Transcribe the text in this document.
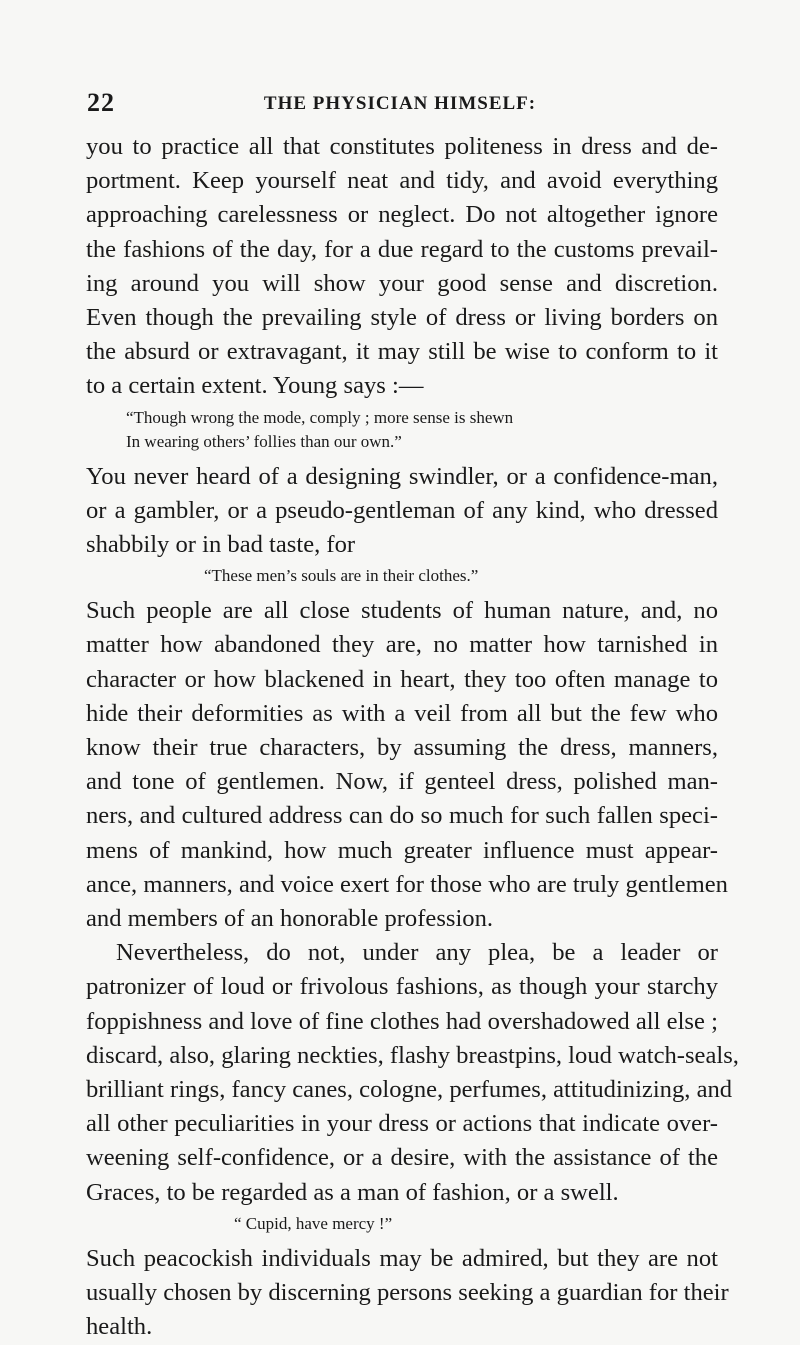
22	THE PHYSICIAN HIMSELF:
you to practice all that constitutes politeness in dress and de-
portment. Keep yourself neat and tidy, and avoid everything
approaching carelessness or neglect. Do not altogether ignore
the fashions of the day, for a due regard to the customs prevail-
ing around you will show your good sense and discretion.
Even though the prevailing style of dress or living borders on
the absurd or extravagant, it may still be wise to conform to it
to a certain extent. Young says :—
“Though wrong the mode, comply ; more sense is shewn
In wearing others’ follies than our own.”
You never heard of a designing swindler, or a confidence-man,
or a gambler, or a pseudo-gentleman of any kind, who dressed
shabbily or in bad taste, for
“These men’s souls are in their clothes.”
Such people are all close students of human nature, and, no
matter how abandoned they are, no matter how tarnished in
character or how blackened in heart, they too often manage to
hide their deformities as with a veil from all but the few who
know their true characters, by assuming the dress, manners,
and tone of gentlemen. Now, if genteel dress, polished man-
ners, and cultured address can do so much for such fallen speci-
mens of mankind, how much greater influence must appear-
ance, manners, and voice exert for those who are truly gentlemen
and members of an honorable profession.
Nevertheless, do not, under any plea, be a leader or
patronizer of loud or frivolous fashions, as though your starchy
foppishness and love of fine clothes had overshadowed all else ;
discard, also, glaring neckties, flashy breastpins, loud watch-seals,
brilliant rings, fancy canes, cologne, perfumes, attitudinizing, and
all other peculiarities in your dress or actions that indicate over-
weening self-confidence, or a desire, with the assistance of the
Graces, to be regarded as a man of fashion, or a swell.
“ Cupid, have mercy !”
Such peacockish individuals may be admired, but they are not
usually chosen by discerning persons seeking a guardian for their
health.
